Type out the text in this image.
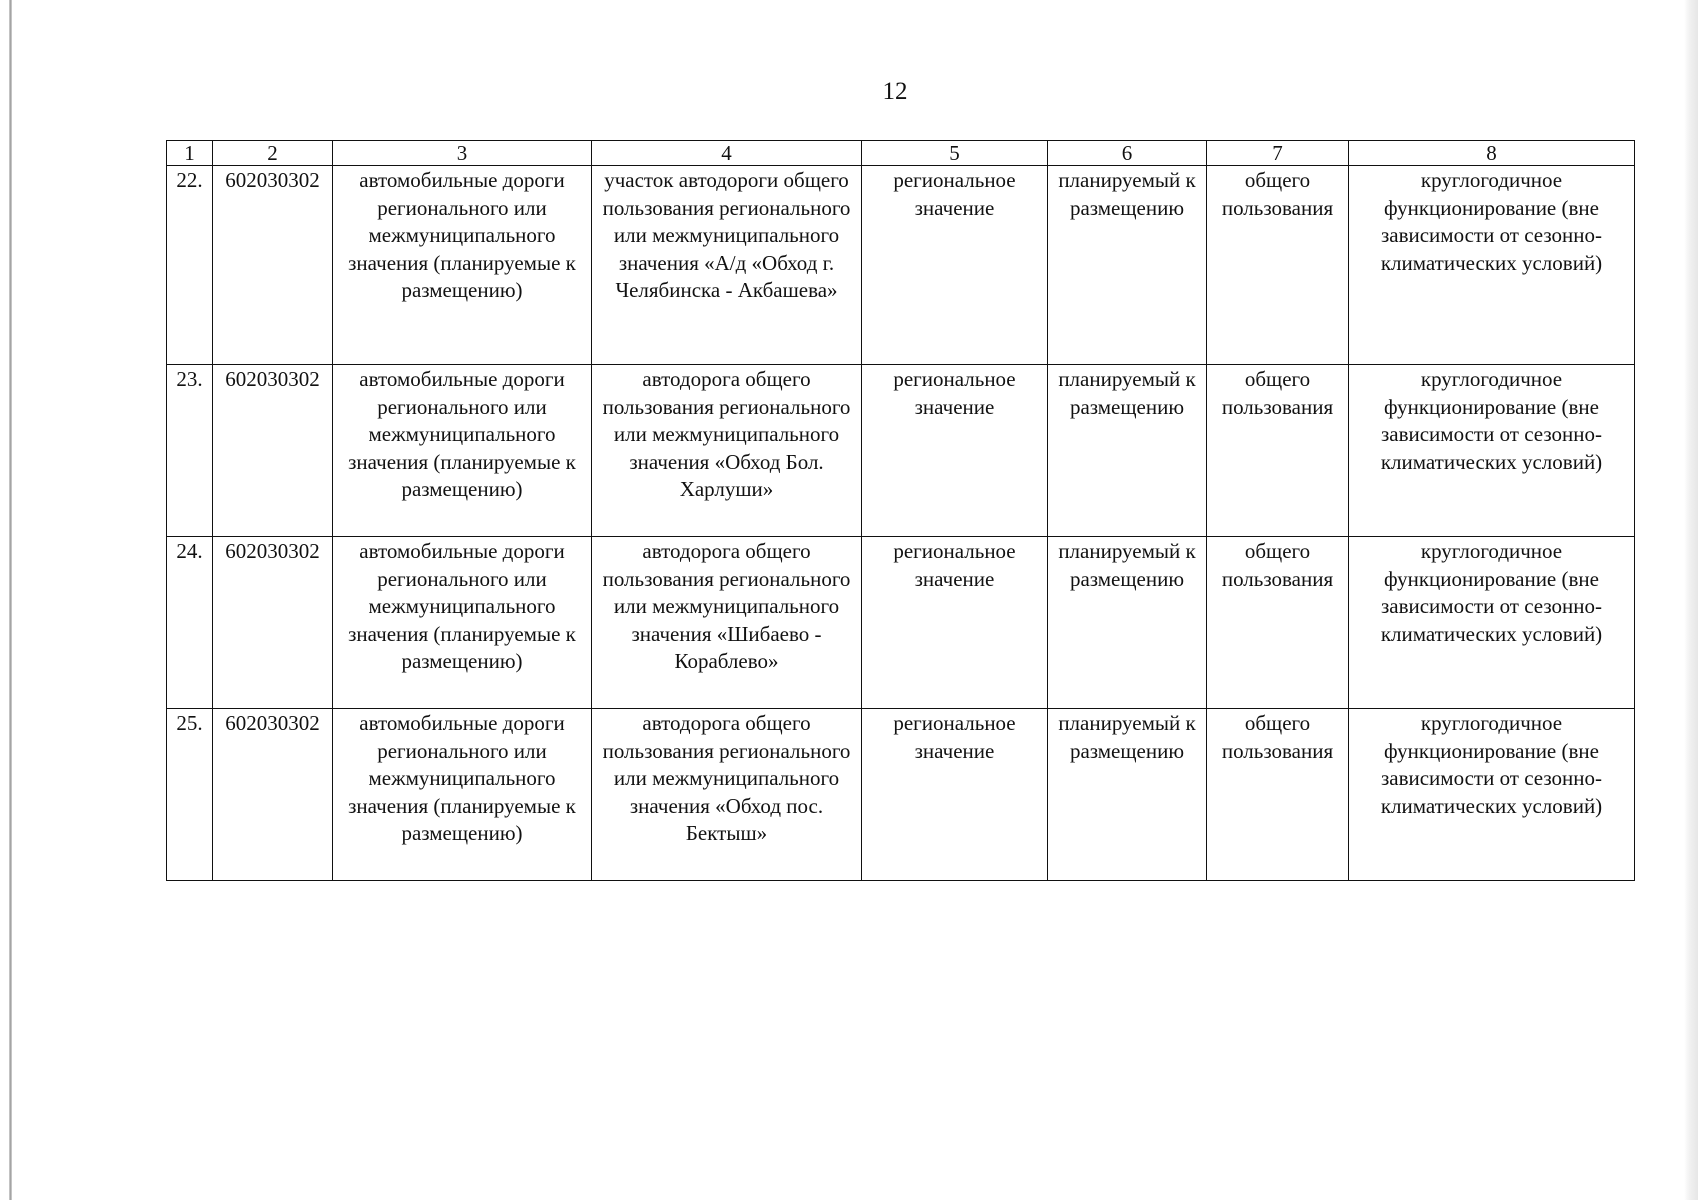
12
1	2	3	4	5	6	7	8
22.	602030302	автомобильные дороги регионального или межмуниципального значения (планируемые к размещению)	участок автодороги общего пользования регионального или межмуниципального значения «А/д «Обход г. Челябинска - Акбашева»	региональное значение	планируемый к размещению	общего пользования	круглогодичное функционирование (вне зависимости от сезонно-климатических условий)
23.	602030302	автомобильные дороги регионального или межмуниципального значения (планируемые к размещению)	автодорога общего пользования регионального или межмуниципального значения «Обход Бол. Харлуши»	региональное значение	планируемый к размещению	общего пользования	круглогодичное функционирование (вне зависимости от сезонно-климатических условий)
24.	602030302	автомобильные дороги регионального или межмуниципального значения (планируемые к размещению)	автодорога общего пользования регионального или межмуниципального значения «Шибаево - Кораблево»	региональное значение	планируемый к размещению	общего пользования	круглогодичное функционирование (вне зависимости от сезонно-климатических условий)
25.	602030302	автомобильные дороги регионального или межмуниципального значения (планируемые к размещению)	автодорога общего пользования регионального или межмуниципального значения «Обход пос. Бектыш»	региональное значение	планируемый к размещению	общего пользования	круглогодичное функционирование (вне зависимости от сезонно-климатических условий)
